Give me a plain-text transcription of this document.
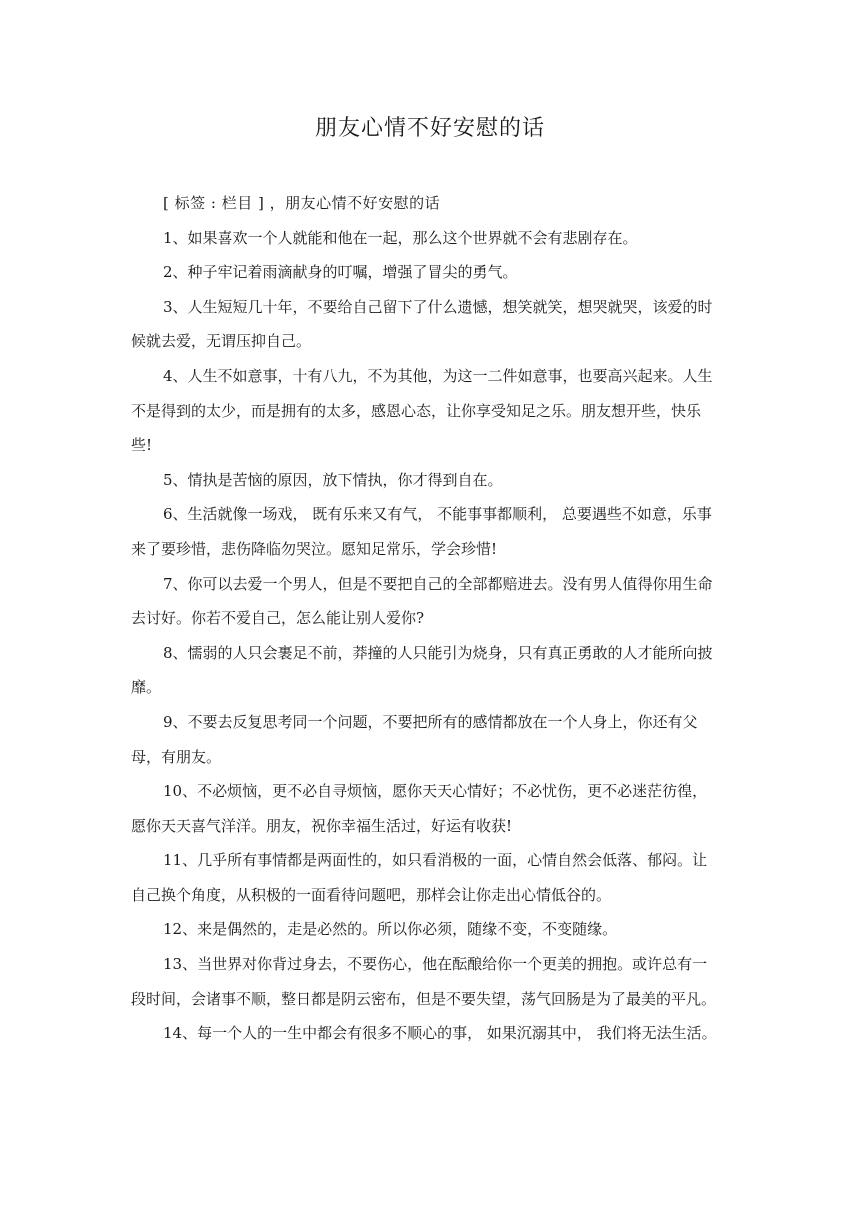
朋友心情不好安慰的话

[ 标签 : 栏目 ] ，朋友心情不好安慰的话

1、如果喜欢一个人就能和他在一起，那么这个世界就不会有悲剧存在。

2、种子牢记着雨滴献身的叮嘱，增强了冒尖的勇气。

3、人生短短几十年，不要给自己留下了什么遗憾，想笑就笑，想哭就哭，该爱的时候就去爱，无谓压抑自己。

4、人生不如意事，十有八九，不为其他，为这一二件如意事，也要高兴起来。人生不是得到的太少，而是拥有的太多，感恩心态，让你享受知足之乐。朋友想开些，快乐些!

5、情执是苦恼的原因，放下情执，你才得到自在。

6、生活就像一场戏， 既有乐来又有气， 不能事事都顺利， 总要遇些不如意，乐事来了要珍惜，悲伤降临勿哭泣。愿知足常乐，学会珍惜!

7、你可以去爱一个男人，但是不要把自己的全部都赔进去。没有男人值得你用生命去讨好。你若不爱自己，怎么能让别人爱你?

8、懦弱的人只会裹足不前，莽撞的人只能引为烧身，只有真正勇敢的人才能所向披靡。

9、不要去反复思考同一个问题，不要把所有的感情都放在一个人身上，你还有父母，有朋友。

10、不必烦恼，更不必自寻烦恼，愿你天天心情好；不必忧伤，更不必迷茫彷徨，愿你天天喜气洋洋。朋友，祝你幸福生活过，好运有收获!

11、几乎所有事情都是两面性的，如只看消极的一面，心情自然会低落、郁闷。让自己换个角度，从积极的一面看待问题吧，那样会让你走出心情低谷的。

12、来是偶然的，走是必然的。所以你必须，随缘不变，不变随缘。

13、当世界对你背过身去，不要伤心，他在酝酿给你一个更美的拥抱。或许总有一段时间，会诸事不顺，整日都是阴云密布，但是不要失望，荡气回肠是为了最美的平凡。

14、每一个人的一生中都会有很多不顺心的事， 如果沉溺其中， 我们将无法生活。
